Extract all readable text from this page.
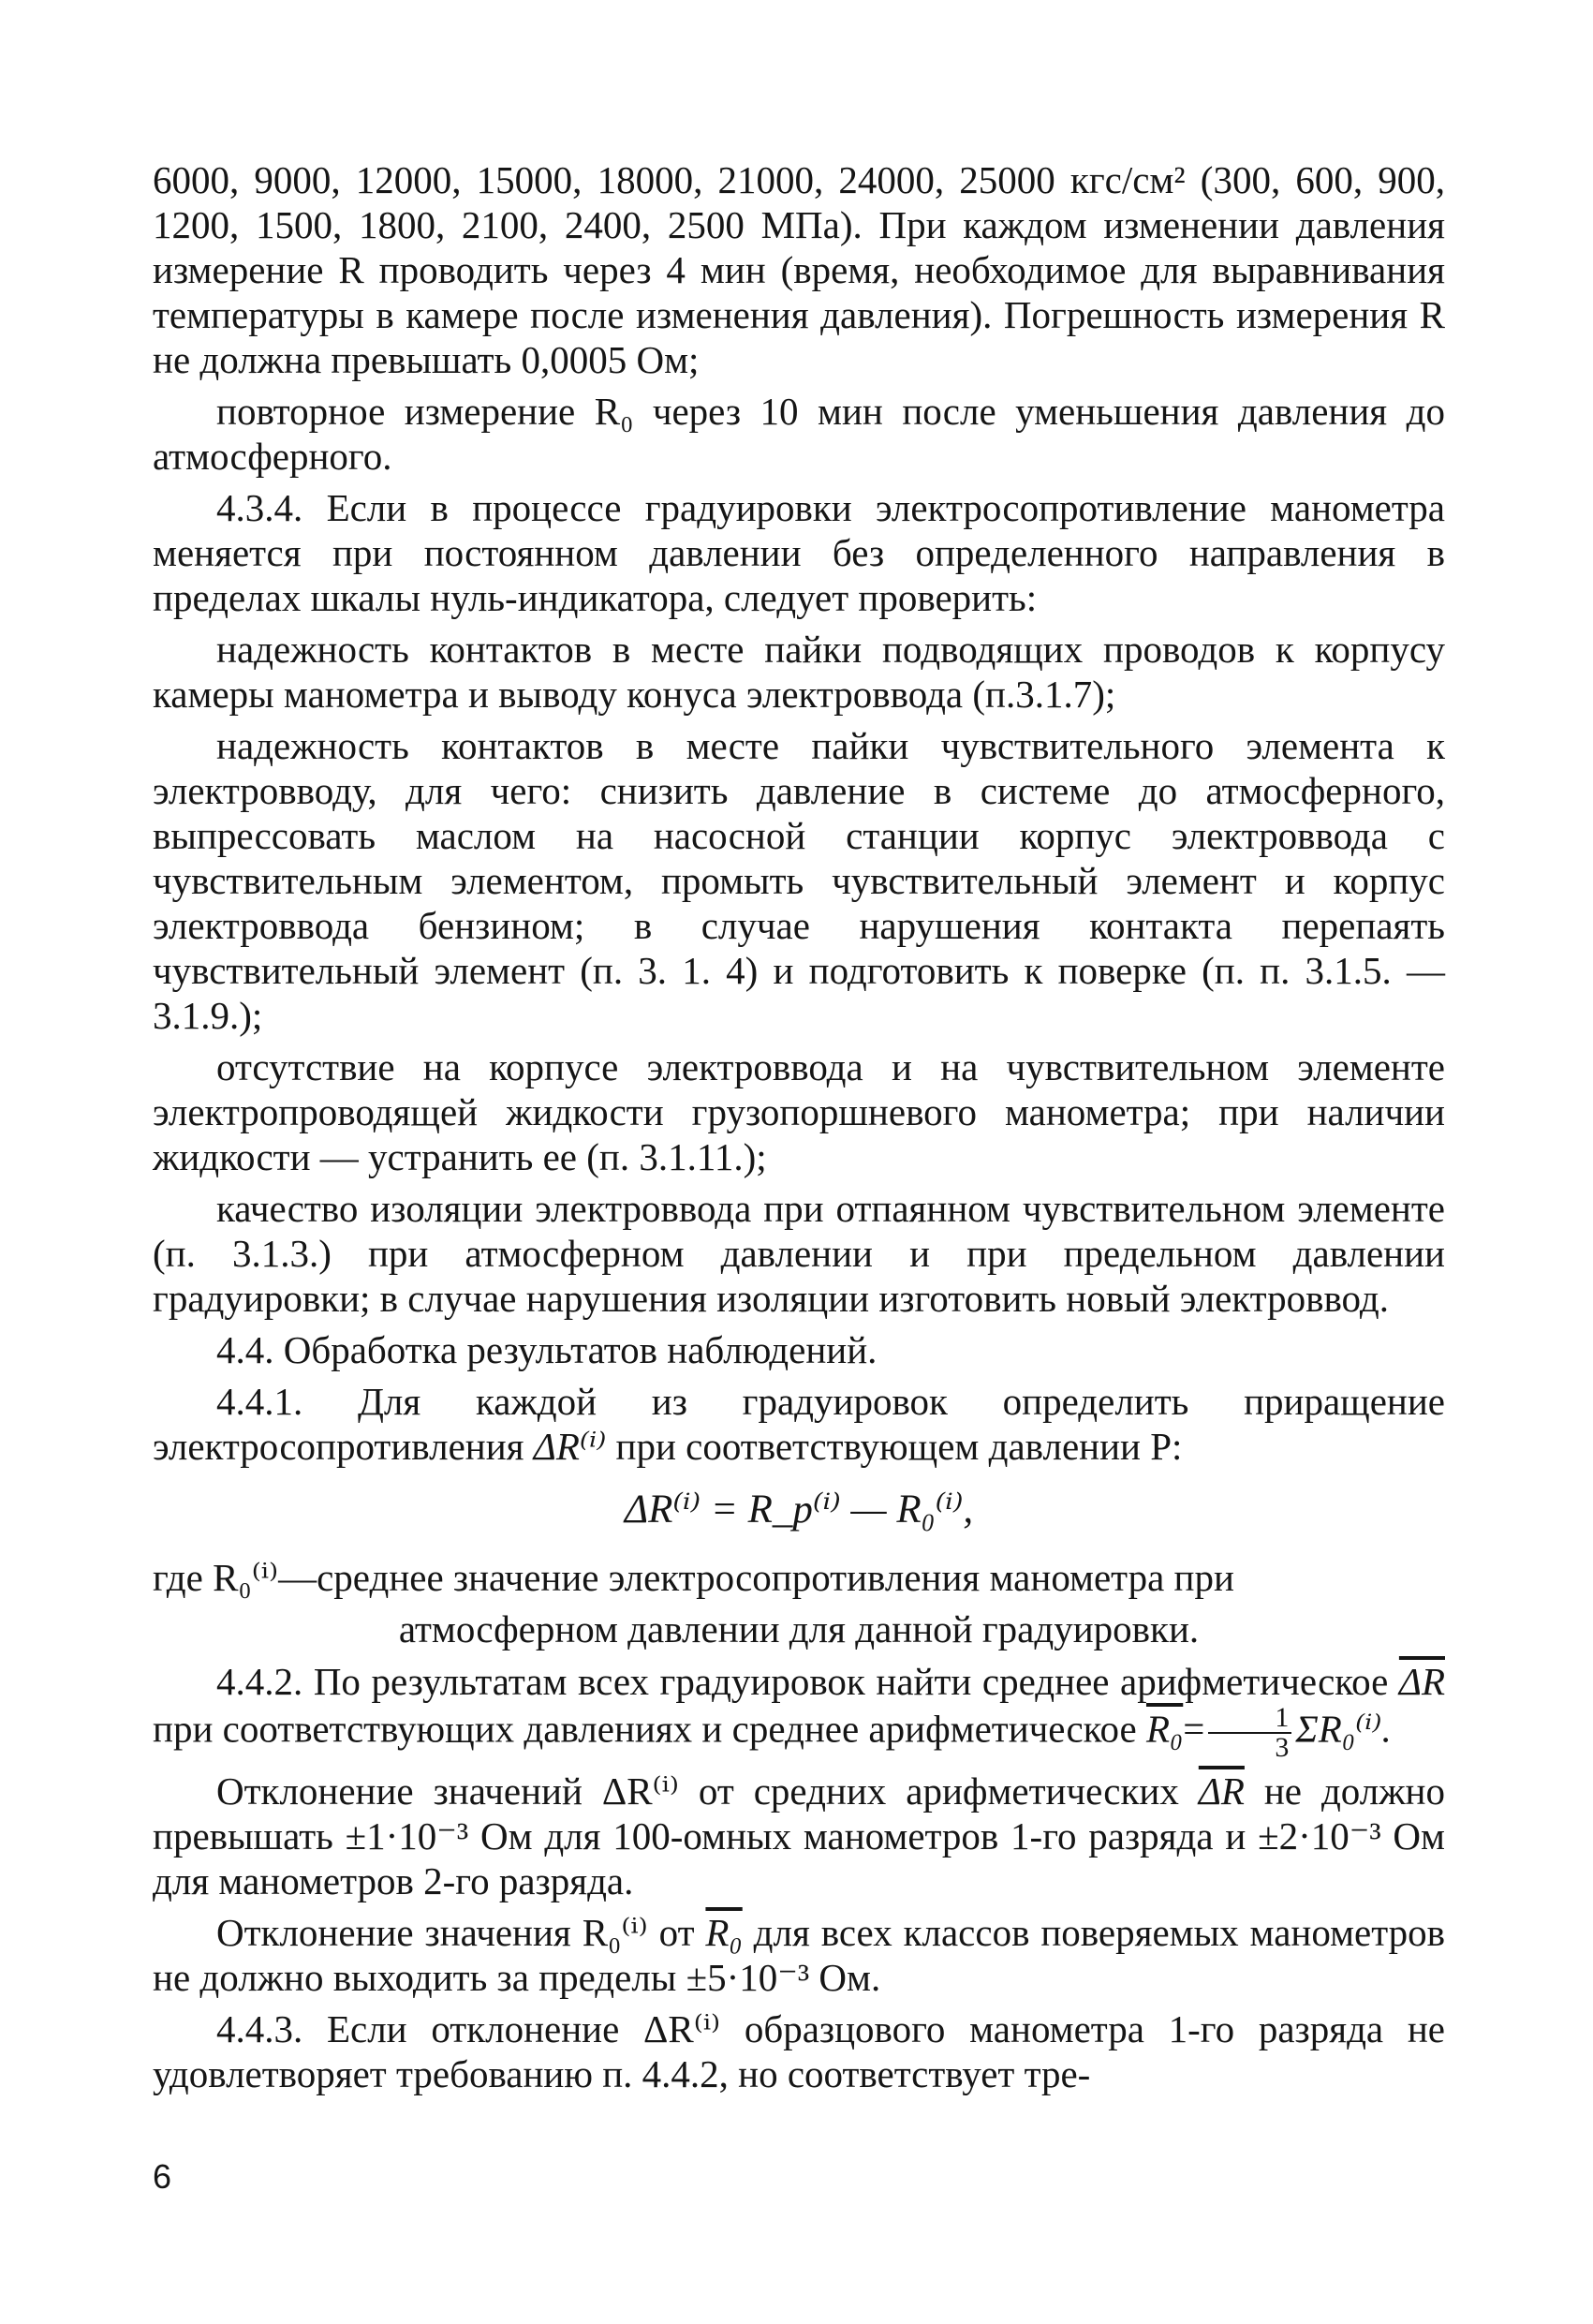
6000, 9000, 12000, 15000, 18000, 21000, 24000, 25000 кгс/см² (300, 600, 900, 1200, 1500, 1800, 2100, 2400, 2500 МПа). При каждом изменении давления измерение R проводить через 4 мин (время, необходимое для выравнивания температуры в камере после изменения давления). Погрешность измерения R не должна превышать 0,0005 Ом;

повторное измерение R₀ через 10 мин после уменьшения давления до атмосферного.

4.3.4. Если в процессе градуировки электросопротивление манометра меняется при постоянном давлении без определенного направления в пределах шкалы нуль-индикатора, следует проверить:

надежность контактов в месте пайки подводящих проводов к корпусу камеры манометра и выводу конуса электроввода (п.3.1.7);

надежность контактов в месте пайки чувствительного элемента к электровводу, для чего: снизить давление в системе до атмосферного, выпрессовать маслом на насосной станции корпус электроввода с чувствительным элементом, промыть чувствительный элемент и корпус электроввода бензином; в случае нарушения контакта перепаять чувствительный элемент (п. 3. 1. 4) и подготовить к поверке (п. п. 3.1.5. — 3.1.9.);

отсутствие на корпусе электроввода и на чувствительном элементе электропроводящей жидкости грузопоршневого манометра; при наличии жидкости — устранить ее (п. 3.1.11.);

качество изоляции электроввода при отпаянном чувствительном элементе (п. 3.1.3.) при атмосферном давлении и при предельном давлении градуировки; в случае нарушения изоляции изготовить новый электроввод.

4.4. Обработка результатов наблюдений.

4.4.1. Для каждой из градуировок определить приращение электросопротивления ΔR⁽ⁱ⁾ при соответствующем давлении P:

ΔR⁽ⁱ⁾ = R_p⁽ⁱ⁾ — R₀⁽ⁱ⁾,

где R₀⁽ⁱ⁾—среднее значение электросопротивления манометра при

атмосферном давлении для данной градуировки.

4.4.2. По результатам всех градуировок найти среднее арифметическое $\overline{\Delta R}$ при соответствующих давлениях и среднее арифметическое $R_0= \frac{1}{3} \Sigma R_0^{(i)}$.

Отклонение значений ΔR⁽ⁱ⁾ от средних арифметических $\overline{\Delta R}$ не должно превышать ±1·10⁻³ Ом для 100-омных манометров 1-го разряда и ±2·10⁻³ Ом для манометров 2-го разряда.

Отклонение значения R₀⁽ⁱ⁾ от R₀ для всех классов поверяемых манометров не должно выходить за пределы ±5·10⁻³ Ом.

4.4.3. Если отклонение ΔR⁽ⁱ⁾ образцового манометра 1-го разряда не удовлетворяет требованию п. 4.4.2, но соответствует тре-

6
